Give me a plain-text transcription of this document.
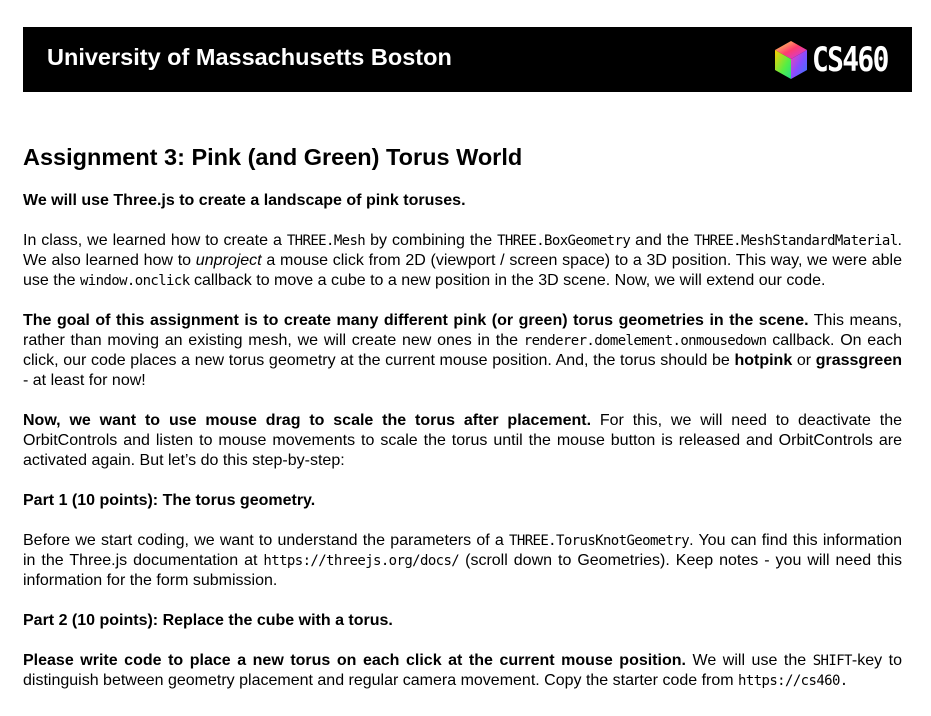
University of Massachusetts Boston	CS460
Assignment 3: Pink (and Green) Torus World

We will use Three.js to create a landscape of pink toruses.

In class, we learned how to create a THREE.Mesh by combining the THREE.BoxGeometry and the THREE.MeshStandardMaterial. We also learned how to unproject a mouse click from 2D (viewport / screen space) to a 3D position. This way, we were able use the window.onclick callback to move a cube to a new position in the 3D scene. Now, we will extend our code.

The goal of this assignment is to create many different pink (or green) torus geometries in the scene. This means, rather than moving an existing mesh, we will create new ones in the renderer.domelement.onmousedown callback. On each click, our code places a new torus geometry at the current mouse position. And, the torus should be hotpink or grassgreen - at least for now!

Now, we want to use mouse drag to scale the torus after placement. For this, we will need to deactivate the OrbitControls and listen to mouse movements to scale the torus until the mouse button is released and OrbitControls are activated again. But let’s do this step-by-step:

Part 1 (10 points): The torus geometry.

Before we start coding, we want to understand the parameters of a THREE.TorusKnotGeometry. You can find this information in the Three.js documentation at https://threejs.org/docs/ (scroll down to Geometries). Keep notes - you will need this information for the form submission.

Part 2 (10 points): Replace the cube with a torus.

Please write code to place a new torus on each click at the current mouse position. We will use the SHIFT-key to distinguish between geometry placement and regular camera movement. Copy the starter code from https://cs460.
